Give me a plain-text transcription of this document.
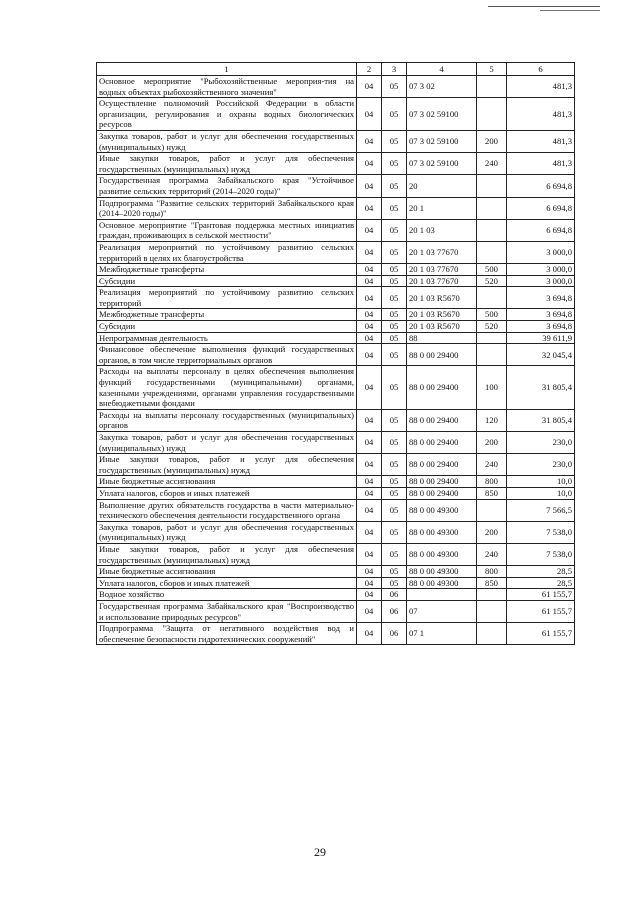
1	2	3	4	5	6
Основное мероприятие "Рыбохозяйственные мероприя-тия на водных объектах рыбохозяйственного значения"	04	05	07 3 02		481,3
Осуществление полномочий Российской Федерации в области организации, регулирования и охраны водных биологических ресурсов	04	05	07 3 02 59100		481,3
Закупка товаров, работ и услуг для обеспечения государственных (муниципальных) нужд	04	05	07 3 02 59100	200	481,3
Иные закупки товаров, работ и услуг для обеспечения государственных (муниципальных) нужд	04	05	07 3 02 59100	240	481,3
Государственная программа Забайкальского края "Устойчивое развитие сельских территорий (2014–2020 годы)"	04	05	20		6 694,8
Подпрограмма "Развитие сельских территорий Забайкальского края (2014–2020 годы)"	04	05	20 1		6 694,8
Основное мероприятие "Грантовая поддержка местных инициатив граждан, проживающих в сельской местности"	04	05	20 1 03		6 694,8
Реализация мероприятий по устойчивому развитию сельских территорий в целях их благоустройства	04	05	20 1 03 77670		3 000,0
Межбюджетные трансферты	04	05	20 1 03 77670	500	3 000,0
Субсидии	04	05	20 1 03 77670	520	3 000,0
Реализация мероприятий по устойчивому развитию сельских территорий	04	05	20 1 03 R5670		3 694,8
Межбюджетные трансферты	04	05	20 1 03 R5670	500	3 694,8
Субсидии	04	05	20 1 03 R5670	520	3 694,8
Непрограммная деятельность	04	05	88		39 611,9
Финансовое обеспечение выполнения функций государственных органов, в том числе территориальных органов	04	05	88 0 00 29400		32 045,4
Расходы на выплаты персоналу в целях обеспечения выполнения функций государственными (муниципальными) органами, казенными учреждениями, органами управления государственными внебюджетными фондами	04	05	88 0 00 29400	100	31 805,4
Расходы на выплаты персоналу государственных (муниципальных) органов	04	05	88 0 00 29400	120	31 805,4
Закупка товаров, работ и услуг для обеспечения государственных (муниципальных) нужд	04	05	88 0 00 29400	200	230,0
Иные закупки товаров, работ и услуг для обеспечения государственных (муниципальных) нужд	04	05	88 0 00 29400	240	230,0
Иные бюджетные ассигнования	04	05	88 0 00 29400	800	10,0
Уплата налогов, сборов и иных платежей	04	05	88 0 00 29400	850	10,0
Выполнение других обязательств государства в части материально-технического обеспечения деятельности государственного органа	04	05	88 0 00 49300		7 566,5
Закупка товаров, работ и услуг для обеспечения государственных (муниципальных) нужд	04	05	88 0 00 49300	200	7 538,0
Иные закупки товаров, работ и услуг для обеспечения государственных (муниципальных) нужд	04	05	88 0 00 49300	240	7 538,0
Иные бюджетные ассигнования	04	05	88 0 00 49300	800	28,5
Уплата налогов, сборов и иных платежей	04	05	88 0 00 49300	850	28,5
Водное хозяйство	04	06			61 155,7
Государственная программа Забайкальского края "Воспроизводство и использование природных ресурсов"	04	06	07		61 155,7
Подпрограмма "Защита от негативного воздействия вод и обеспечение безопасности гидротехнических сооружений"	04	06	07 1		61 155,7
29
